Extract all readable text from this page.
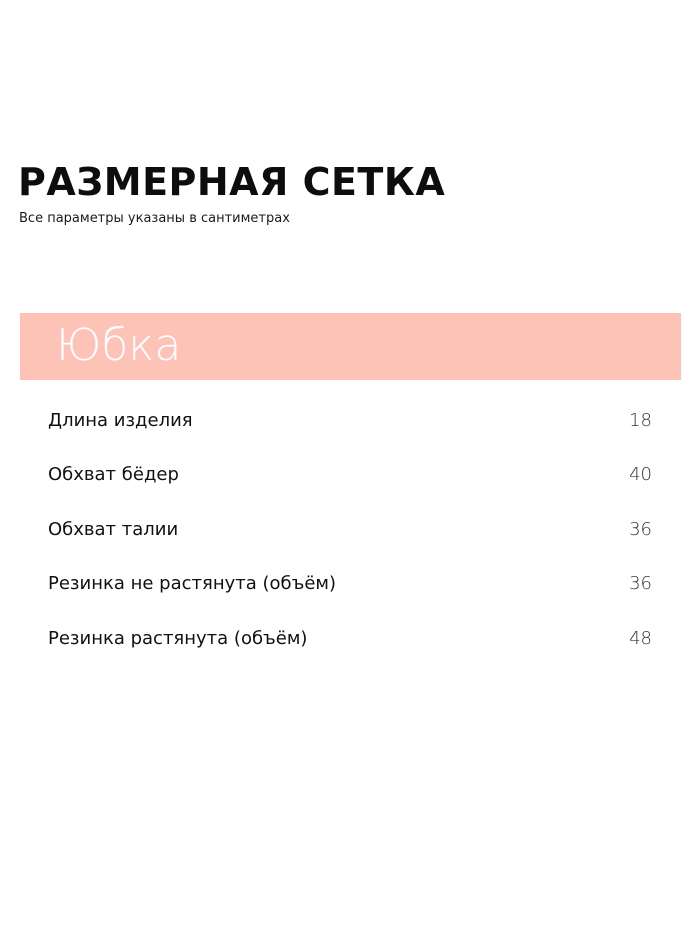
РАЗМЕРНАЯ СЕТКА

Все параметры указаны в сантиметрах

Юбка
Длина изделия	18
Обхват бёдер	40
Обхват талии	36
Резинка не растянута (объём)	36
Резинка растянута (объём)	48
